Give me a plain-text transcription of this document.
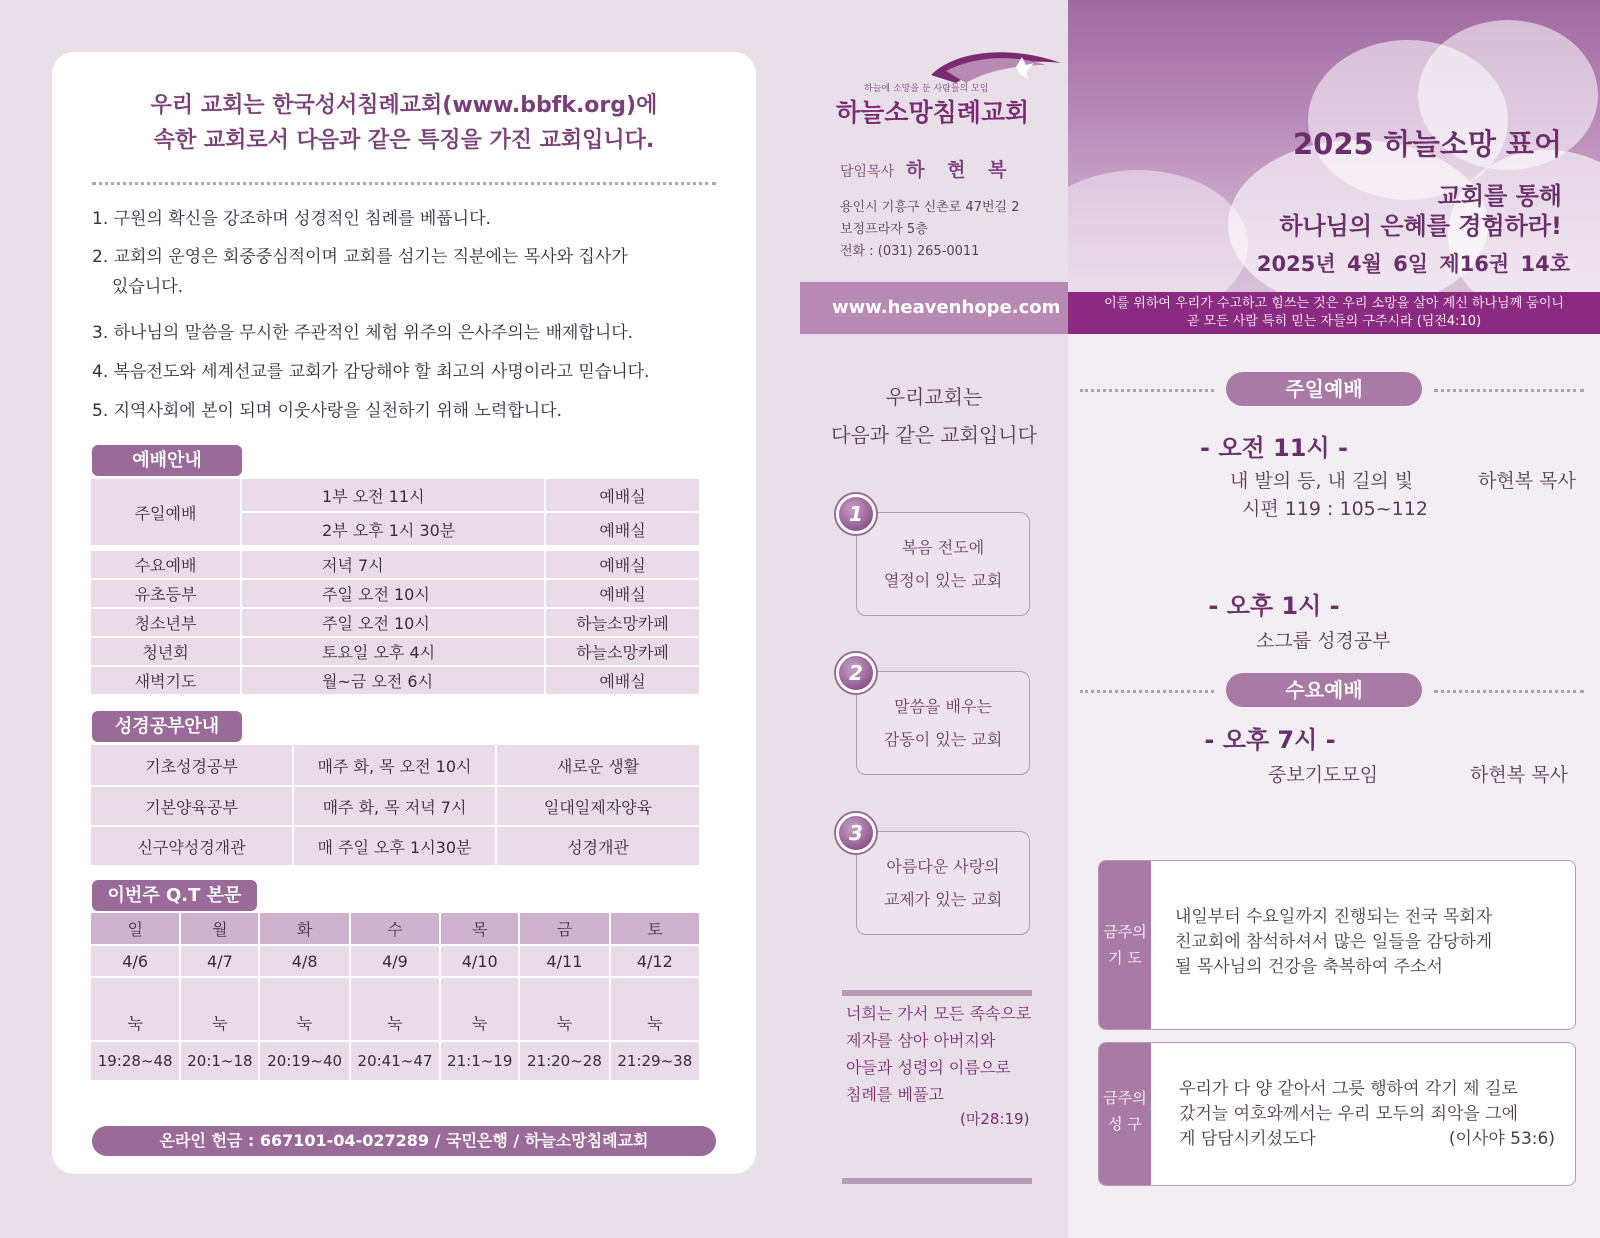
우리 교회는 한국성서침례교회(www.bbfk.org)에
속한 교회로서 다음과 같은 특징을 가진 교회입니다.
1. 구원의 확신을 강조하며 성경적인 침례를 베풉니다.
2. 교회의 운영은 회중중심적이며 교회를 섬기는 직분에는 목사와 집사가
있습니다.
3. 하나님의 말씀을 무시한 주관적인 체험 위주의 은사주의는 배제합니다.
4. 복음전도와 세계선교를 교회가 감당해야 할 최고의 사명이라고 믿습니다.
5. 지역사회에 본이 되며 이웃사랑을 실천하기 위해 노력합니다.
예배안내
주일예배	1부 오전 11시	예배실
	2부 오후 1시 30분	예배실

수요예배	저녁 7시	예배실
유초등부	주일 오전 10시	예배실
청소년부	주일 오전 10시	하늘소망카페
청년회	토요일 오후 4시	하늘소망카페
새벽기도	월~금 오전 6시	예배실
성경공부안내
기초성경공부	매주 화, 목 오전 10시	새로운 생활
기본양육공부	매주 화, 목 저녁 7시	일대일제자양육
신구약성경개관	매 주일 오후 1시30분	성경개관
이번주 Q.T 본문
일	월	화	수	목	금	토
4/6	4/7	4/8	4/9	4/10	4/11	4/12
눅	눅	눅	눅	눅	눅	눅
19:28~48	20:1~18	20:19~40	20:41~47	21:1~19	21:20~28	21:29~38
온라인 헌금 : 667101-04-027289 / 국민은행 / 하늘소망침례교회
하늘에 소망을 둔 사람들의 모임
하늘소망침례교회
담임목사 하 현 복
용인시 기흥구 신촌로 47번길 2
보정프라자 5층
전화 : (031) 265-0011
우리교회는
다음과 같은 교회입니다
복음 전도에
열정이 있는 교회
1
말씀을 배우는
감동이 있는 교회
2
아름다운 사랑의
교제가 있는 교회
3
너희는 가서 모든 족속으로
제자를 삼아 아버지와
아들과 성령의 이름으로
침례를 베풀고
(마28:19)
www.heavenhope.com
2025 하늘소망 표어
교회를 통해
하나님의 은혜를 경험하라!
2025년 4월 6일 제16권 14호
이를 위하여 우리가 수고하고 힘쓰는 것은 우리 소망을 살아 계신 하나님께 둠이니
곧 모든 사람 특히 믿는 자들의 구주시라 (딤전4:10)
주일예배
- 오전 11시 -
내 발의 등, 내 길의 빛
시편 119 : 105~112
하현복 목사
- 오후 1시 -
소그룹 성경공부
수요예배
- 오후 7시 -
중보기도모임	하현복 목사
금주의
기 도
내일부터 수요일까지 진행되는 전국 목회자
친교회에 참석하셔서 많은 일들을 감당하게
될 목사님의 건강을 축복하여 주소서
금주의
성 구
우리가 다 양 같아서 그릇 행하여 각기 제 길로
갔거늘 여호와께서는 우리 모두의 죄악을 그에
게 담담시키셨도다	(이사야 53:6)
